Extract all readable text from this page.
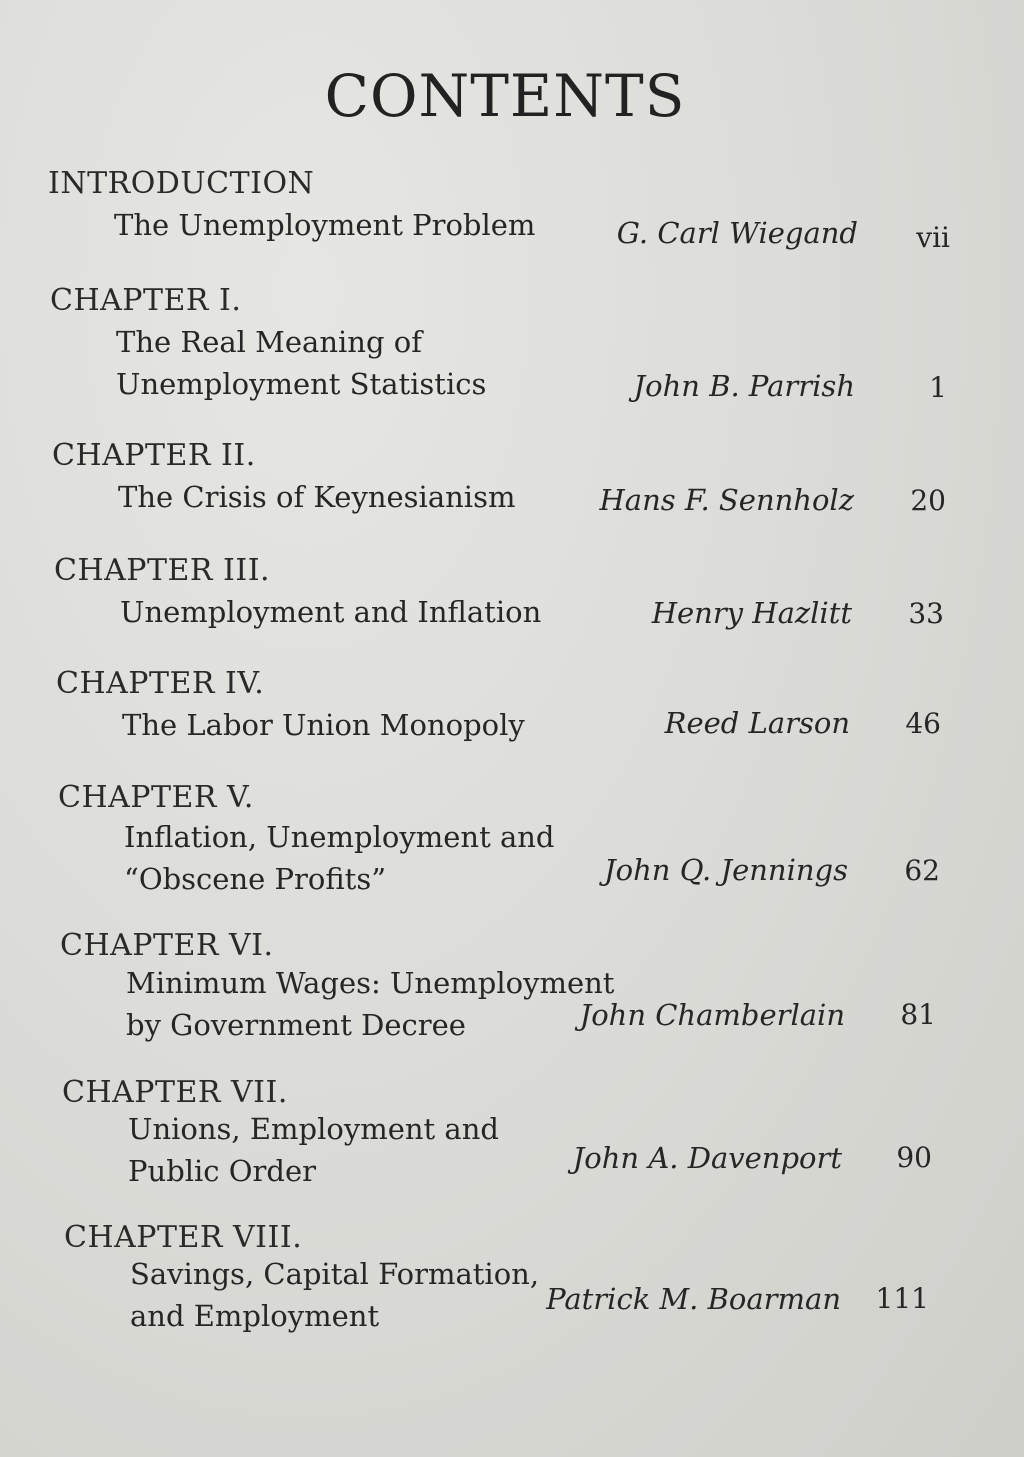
CONTENTS
INTRODUCTION
The Unemployment Problem	G. Carl Wiegand	vii
CHAPTER I.
The Real Meaning of
Unemployment Statistics	John B. Parrish	1
CHAPTER II.
The Crisis of Keynesianism	Hans F. Sennholz	20
CHAPTER III.
Unemployment and Inflation	Henry Hazlitt	33
CHAPTER IV.
The Labor Union Monopoly	Reed Larson	46
CHAPTER V.
Inflation, Unemployment and
“Obscene Profits”	John Q. Jennings	62
CHAPTER VI.
Minimum Wages: Unemployment
by Government Decree	John Chamberlain	81
CHAPTER VII.
Unions, Employment and
Public Order	John A. Davenport	90
CHAPTER VIII.
Savings, Capital Formation,
and Employment	Patrick M. Boarman	111
